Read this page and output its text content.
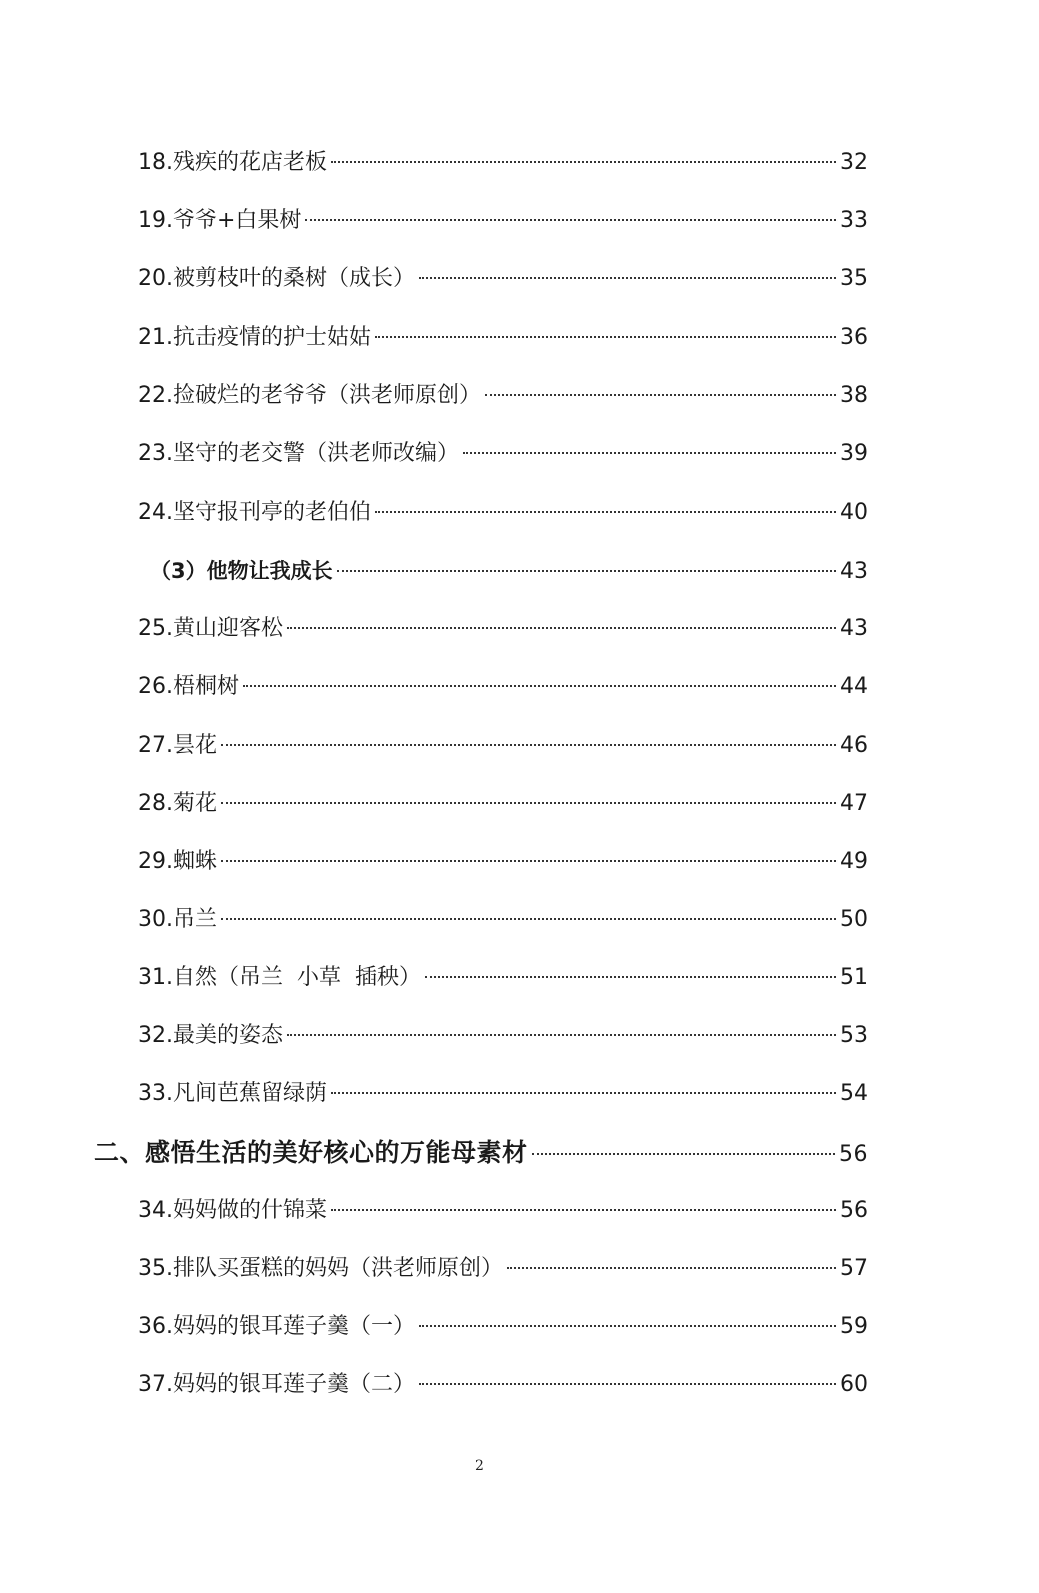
18.残疾的花店老板	32
19.爷爷+白果树	33
20.被剪枝叶的桑树（成长）	35
21.抗击疫情的护士姑姑	36
22.捡破烂的老爷爷（洪老师原创）	38
23.坚守的老交警（洪老师改编）	39
24.坚守报刊亭的老伯伯	40
（3）他物让我成长	43
25.黄山迎客松	43
26.梧桐树	44
27.昙花	46
28.菊花	47
29.蜘蛛	49
30.吊兰	50
31.自然（吊兰  小草  插秧）	51
32.最美的姿态	53
33.凡间芭蕉留绿荫	54
二、感悟生活的美好核心的万能母素材	56
34.妈妈做的什锦菜	56
35.排队买蛋糕的妈妈（洪老师原创）	57
36.妈妈的银耳莲子羹（一）	59
37.妈妈的银耳莲子羹（二）	60
2
